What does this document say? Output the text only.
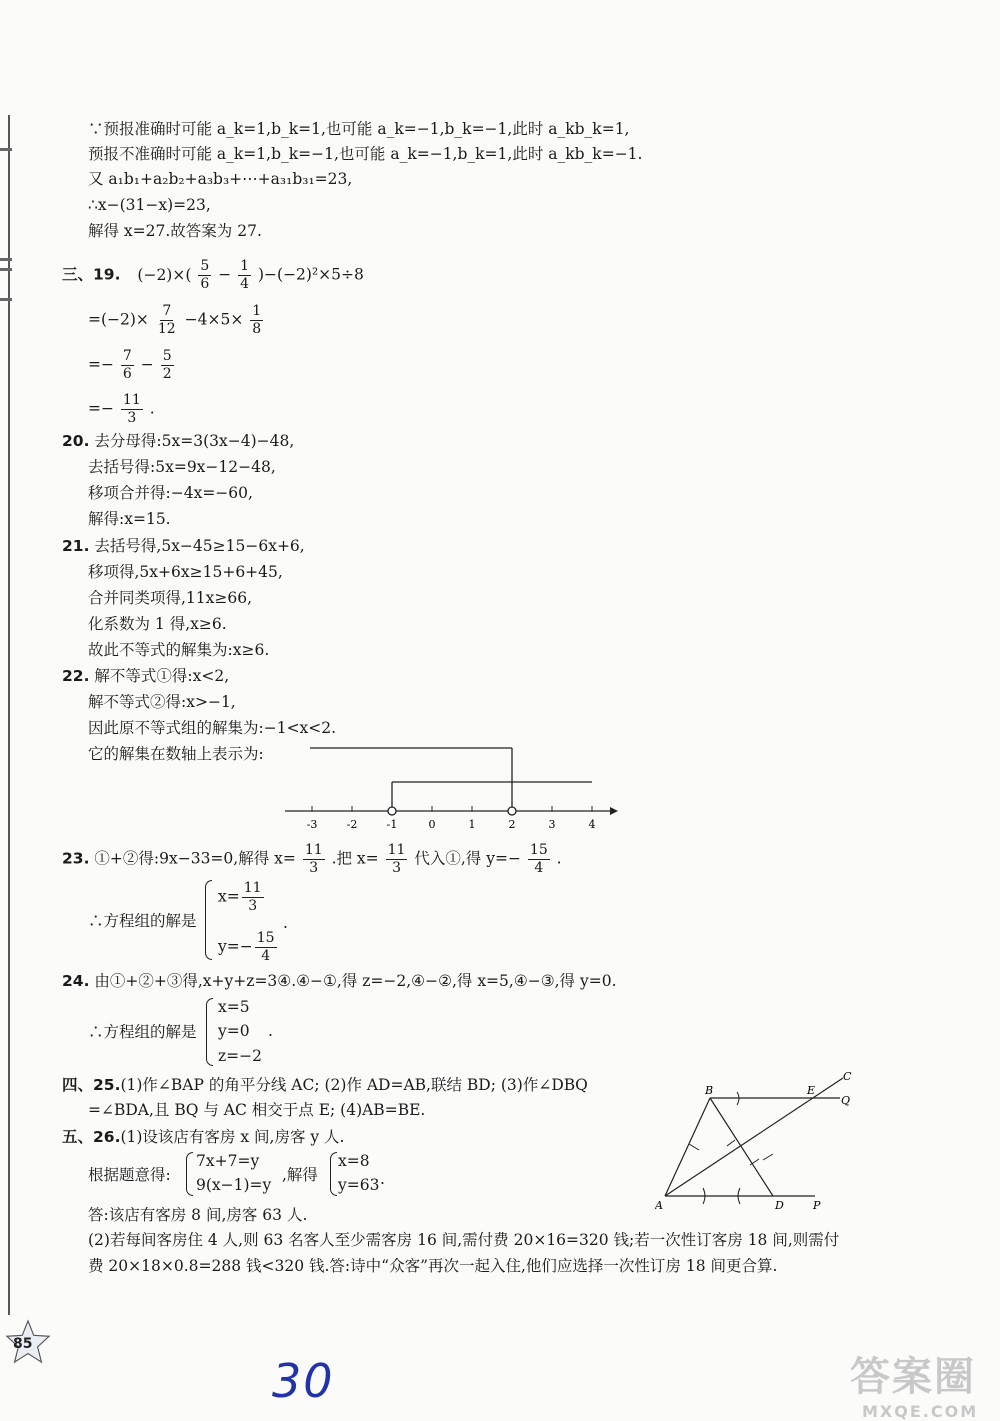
∵预报准确时可能 a_k=1,b_k=1,也可能 a_k=−1,b_k=−1,此时 a_kb_k=1,
预报不准确时可能 a_k=1,b_k=−1,也可能 a_k=−1,b_k=1,此时 a_kb_k=−1.
又 a₁b₁+a₂b₂+a₃b₃+⋯+a₃₁b₃₁=23,
∴x−(31−x)=23,
解得 x=27.故答案为 27.
三、19. $(-2)\times( \frac{5}{6} - \frac{1}{4} )-(-2)^2\times 5\div 8$
$=(-2)\times \frac{7}{12} -4\times 5\times \frac{1}{8}$
=− $\frac{7}{6} - \frac{5}{2}$
=− $\frac{11}{3}$ .
20. 去分母得:5x=3(3x−4)−48,
去括号得:5x=9x−12−48,
移项合并得:−4x=−60,
解得:x=15.
21. 去括号得,5x−45≥15−6x+6,
移项得,5x+6x≥15+6+45,
合并同类项得,11x≥66,
化系数为 1 得,x≥6.
故此不等式的解集为:x≥6.
22. 解不等式①得:x<2,
解不等式②得:x>−1,
因此原不等式组的解集为:−1<x<2.
它的解集在数轴上表示为:
-3	-2	-1	0	1	2	3	4
23. ①+②得:9x−33=0,解得 $x= \frac{11}{3}$ .把 $x= \frac{11}{3}$ 代入①,得 $y=- \frac{15}{4}$ .
∴方程组的解是
$x= \frac{11}{3}$
$y=- \frac{15}{4}$
.
24. 由①+②+③得,x+y+z=3④.④−①,得 z=−2,④−②,得 x=5,④−③,得 y=0.
∴方程组的解是
x=5
y=0
z=−2
.
四、25.(1)作∠BAP 的角平分线 AC; (2)作 AD=AB,联结 BD; (3)作∠DBQ
=∠BDA,且 BQ 与 AC 相交于点 E; (4)AB=BE.
B
A	D	P
E
Q
C
五、26.(1)设该店有客房 x 间,房客 y 人.
根据题意得:
7x+7=y
9(x−1)=y
,解得
x=8
y=63 .
答:该店有客房 8 间,房客 63 人.
(2)若每间客房住 4 人,则 63 名客人至少需客房 16 间,需付费 20×16=320 钱;若一次性订客房 18 间,则需付
费 20×18×0.8=288 钱<320 钱.答:诗中“众客”再次一起入住,他们应选择一次性订房 18 间更合算.
85
30	答案圈
MXQE.COM
